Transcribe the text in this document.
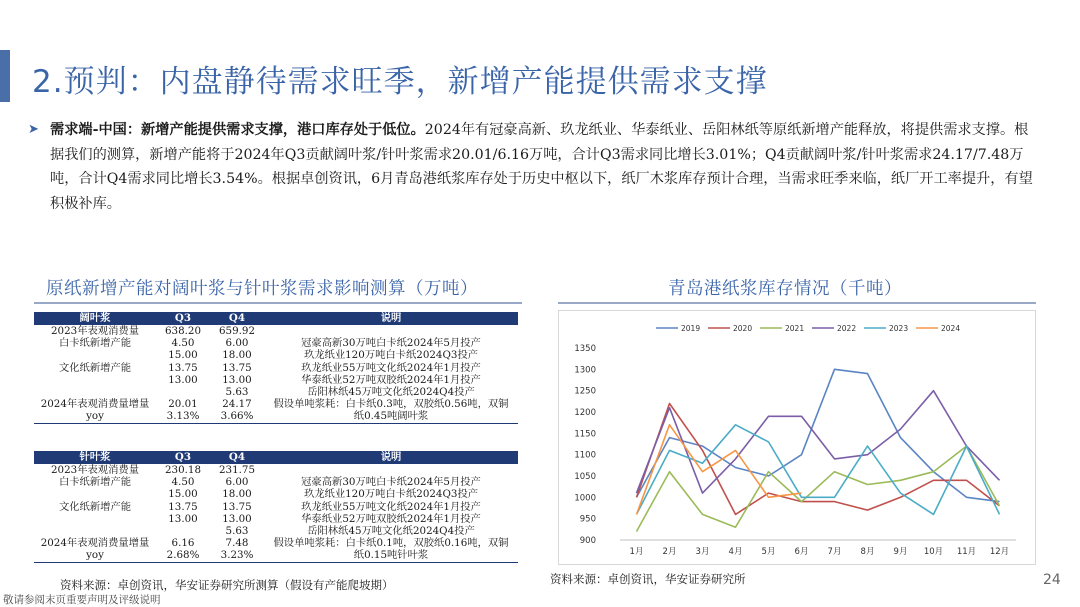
2.预判：内盘静待需求旺季，新增产能提供需求支撑
➤ 需求端-中国：新增产能提供需求支撑，港口库存处于低位。2024年有冠豪高新、玖龙纸业、华泰纸业、岳阳林纸等原纸新增产能释放，将提供需求支撑。根据我们的测算，新增产能将于2024年Q3贡献阔叶浆/针叶浆需求20.01/6.16万吨，合计Q3需求同比增长3.01%；Q4贡献阔叶浆/针叶浆需求24.17/7.48万吨，合计Q4需求同比增长3.54%。根据卓创资讯，6月青岛港纸浆库存处于历史中枢以下，纸厂木浆库存预计合理，当需求旺季来临，纸厂开工率提升，有望积极补库。
原纸新增产能对阔叶浆与针叶浆需求影响测算（万吨）
阔叶浆	Q3	Q4	说明
2023年表观消费量	638.20	659.92	
白卡纸新增产能	4.50	6.00	冠豪高新30万吨白卡纸2024年5月投产
	15.00	18.00	玖龙纸业120万吨白卡纸2024Q3投产
文化纸新增产能	13.75	13.75	玖龙纸业55万吨文化纸2024年1月投产
	13.00	13.00	华泰纸业52万吨双胶纸2024年1月投产
		5.63	岳阳林纸45万吨文化纸2024Q4投产
2024年表观消费量增量	20.01	24.17	假设单吨浆耗：白卡纸0.3吨，双胶纸0.56吨，双铜
yoy	3.13%	3.66%	纸0.45吨阔叶浆
针叶浆	Q3	Q4	说明
2023年表观消费量	230.18	231.75	
白卡纸新增产能	4.50	6.00	冠豪高新30万吨白卡纸2024年5月投产
	15.00	18.00	玖龙纸业120万吨白卡纸2024Q3投产
文化纸新增产能	13.75	13.75	玖龙纸业55万吨文化纸2024年1月投产
	13.00	13.00	华泰纸业52万吨双胶纸2024年1月投产
		5.63	岳阳林纸45万吨文化纸2024Q4投产
2024年表观消费量增量	6.16	7.48	假设单吨浆耗：白卡纸0.1吨，双胶纸0.16吨，双铜
yoy	2.68%	3.23%	纸0.15吨针叶浆
资料来源：卓创资讯，华安证券研究所测算（假设有产能爬坡期）
敬请参阅末页重要声明及评级说明
青岛港纸浆库存情况（千吨）
900
950
1000
1050
1100
1150
1200
1250
1300
1350
1月 2月 3月 4月 5月 6月 7月 8月 9月 10月 11月 12月
2019	2020	2021	2022	2023	2024
资料来源：卓创资讯，华安证券研究所	24
